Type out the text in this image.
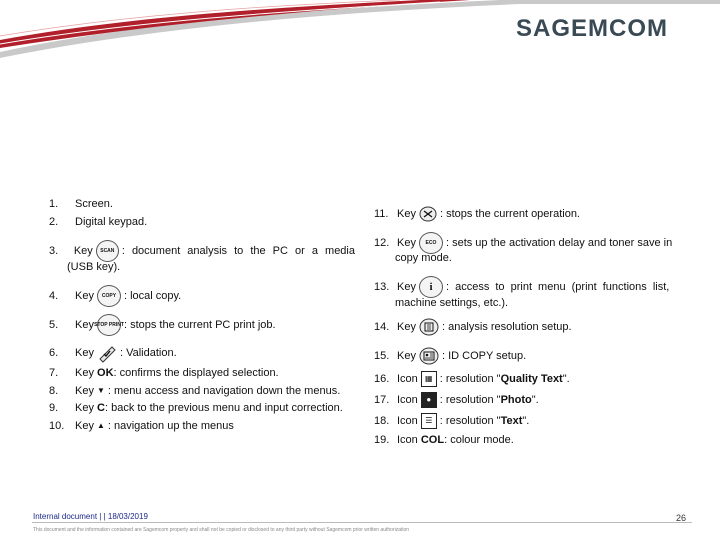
SAGEMCOM
1.	Screen.
2.	Digital keypad.
3.	Key	SCAN : document analysis to the PC or a media
(USB key).
4.	Key	COPY : local copy.
5.	Key STOP PRINT : stops the current PC print job.
6.	Key : Validation.
7.	Key
OK : confirms the displayed selection.
8.	Key ▼ : menu access and navigation down the menus.
9.	Key
C : back to the previous menu and input correction.
10. Key ▲ : navigation up the menus
11. Key : stops the current operation.
12. Key	ECO : sets up the activation delay and toner save in
copy mode.
13. Key	i	: access to print menu (print functions list,
machine settings, etc.).
14. Key : analysis resolution setup.
15. Key : ID COPY setup.
16. Icon ▦ : resolution " Quality Text ".
17. Icon	● : resolution " Photo ".
18. Icon ☰ : resolution " Text ".
19. Icon
COL : colour mode.
Internal document | | 18/03/2019
This document and the information contained are Sagemcom property and shall not be copied or disclosed to any third party without Sagemcom prior written authorization
26
